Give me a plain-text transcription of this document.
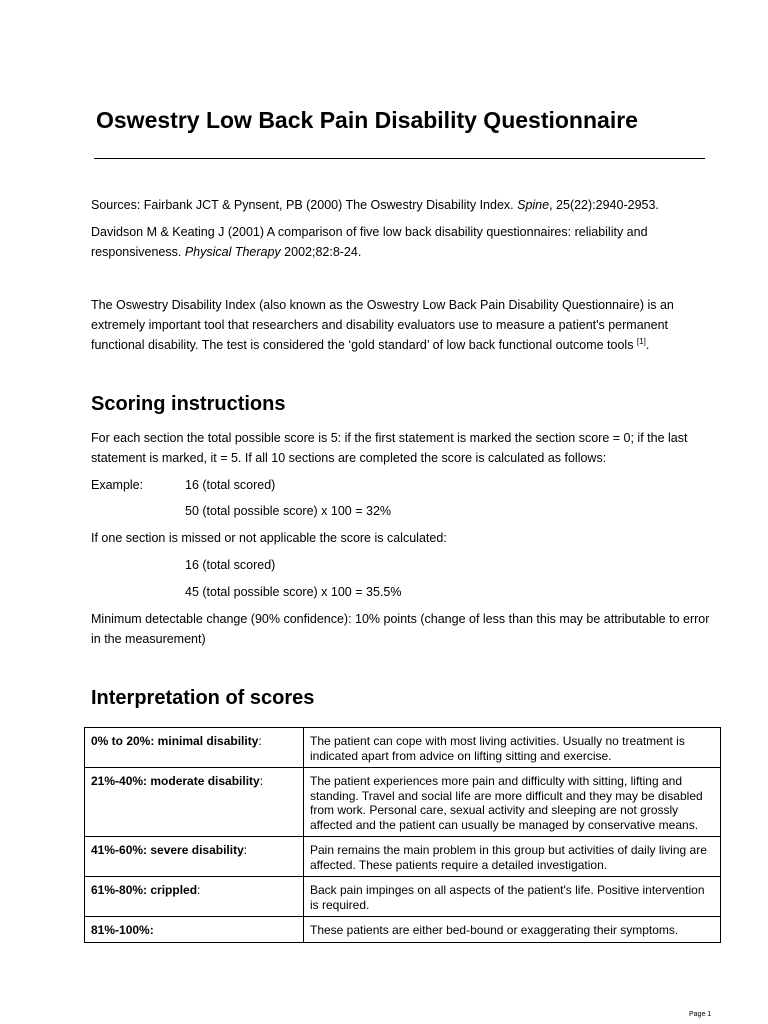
Oswestry Low Back Pain Disability Questionnaire

Sources: Fairbank JCT & Pynsent, PB (2000) The Oswestry Disability Index. Spine, 25(22):2940-2953.

Davidson M & Keating J (2001) A comparison of five low back disability questionnaires: reliability and responsiveness. Physical Therapy 2002;82:8-24.

The Oswestry Disability Index (also known as the Oswestry Low Back Pain Disability Questionnaire) is an extremely important tool that researchers and disability evaluators use to measure a patient's permanent functional disability. The test is considered the ‘gold standard’ of low back functional outcome tools [1].

Scoring instructions

For each section the total possible score is 5: if the first statement is marked the section score = 0; if the last statement is marked, it = 5. If all 10 sections are completed the score is calculated as follows:

Example:	16 (total scored)

50 (total possible score) x 100 = 32%

If one section is missed or not applicable the score is calculated:

16 (total scored)

45 (total possible score) x 100 = 35.5%

Minimum detectable change (90% confidence): 10% points (change of less than this may be attributable to error in the measurement)

Interpretation of scores
0% to 20%: minimal disability:	The patient can cope with most living activities. Usually no treatment is indicated apart from advice on lifting sitting and exercise.
21%-40%: moderate disability:	The patient experiences more pain and difficulty with sitting, lifting and standing. Travel and social life are more difficult and they may be disabled from work. Personal care, sexual activity and sleeping are not grossly affected and the patient can usually be managed by conservative means.
41%-60%: severe disability:	Pain remains the main problem in this group but activities of daily living are affected. These patients require a detailed investigation.
61%-80%: crippled:	Back pain impinges on all aspects of the patient's life. Positive intervention is required.
81%-100%:	These patients are either bed-bound or exaggerating their symptoms.
Page 1
